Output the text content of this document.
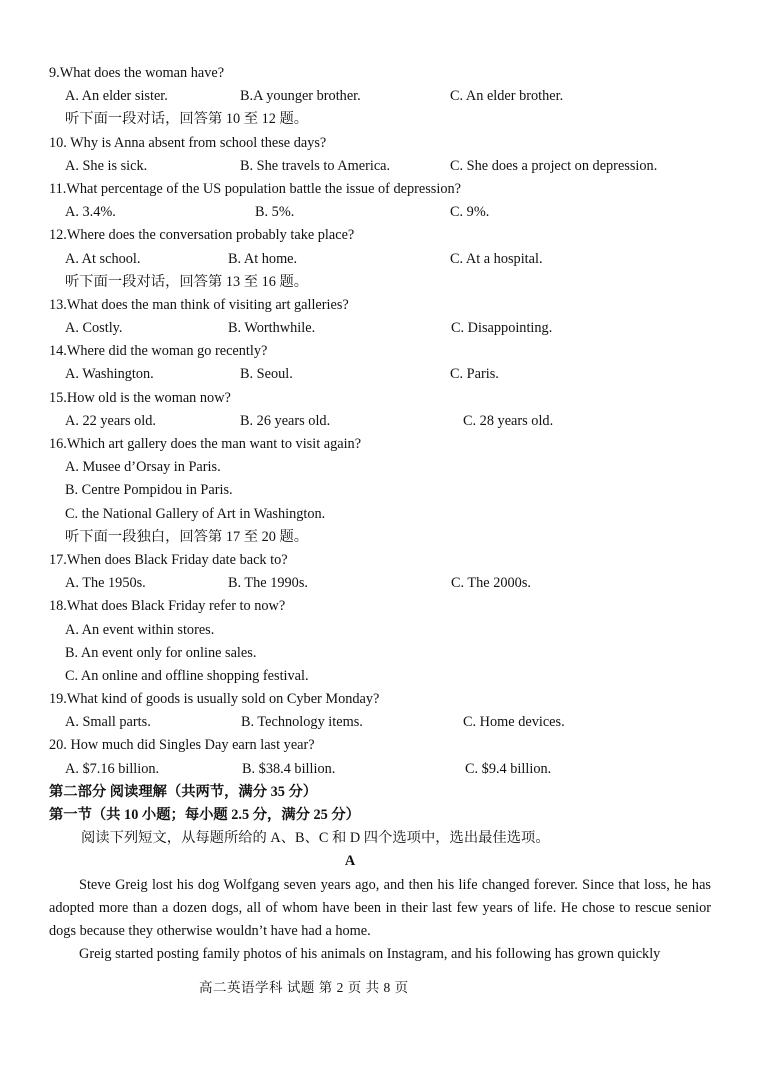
9.What does the woman have?
A. An elder sister.	B.A younger brother.	C. An elder brother.
听下面一段对话，回答第 10 至 12 题。
10. Why is Anna absent from school these days?
A. She is sick.	B. She travels to America.	C. She does a project on depression.
11.What percentage of the US population battle the issue of depression?
A. 3.4%.	B. 5%.	C. 9%.
12.Where does the conversation probably take place?
A. At school.	B. At home.	C. At a hospital.
听下面一段对话，回答第 13 至 16 题。
13.What does the man think of visiting art galleries?
A. Costly.	B. Worthwhile.	C. Disappointing.
14.Where did the woman go recently?
A. Washington.	B. Seoul.	C. Paris.
15.How old is the woman now?
A. 22 years old.	B. 26 years old.	C. 28 years old.
16.Which art gallery does the man want to visit again?
A. Musee d’Orsay in Paris.
B. Centre Pompidou in Paris.
C. the National Gallery of Art in Washington.
听下面一段独白，回答第 17 至 20 题。
17.When does Black Friday date back to?
A. The 1950s.	B. The 1990s.	C. The 2000s.
18.What does Black Friday refer to now?
A. An event within stores.
B. An event only for online sales.
C. An online and offline shopping festival.
19.What kind of goods is usually sold on Cyber Monday?
A. Small parts.	B. Technology items.	C. Home devices.
20. How much did Singles Day earn last year?
A. $7.16 billion.	B. $38.4 billion.	C. $9.4 billion.
第二部分 阅读理解（共两节，满分 35 分）
第一节（共 10 小题；每小题 2.5 分，满分 25 分）
阅读下列短文，从每题所给的 A、B、C 和 D 四个选项中，选出最佳选项。
A
Steve Greig lost his dog Wolfgang seven years ago, and then his life changed forever. Since that loss, he has adopted more than a dozen dogs, all of whom have been in their last few years of life. He chose to rescue senior dogs because they otherwise wouldn’t have had a home.
Greig started posting family photos of his animals on Instagram, and his following has grown quickly
高二英语学科 试题 第 2 页 共 8 页
